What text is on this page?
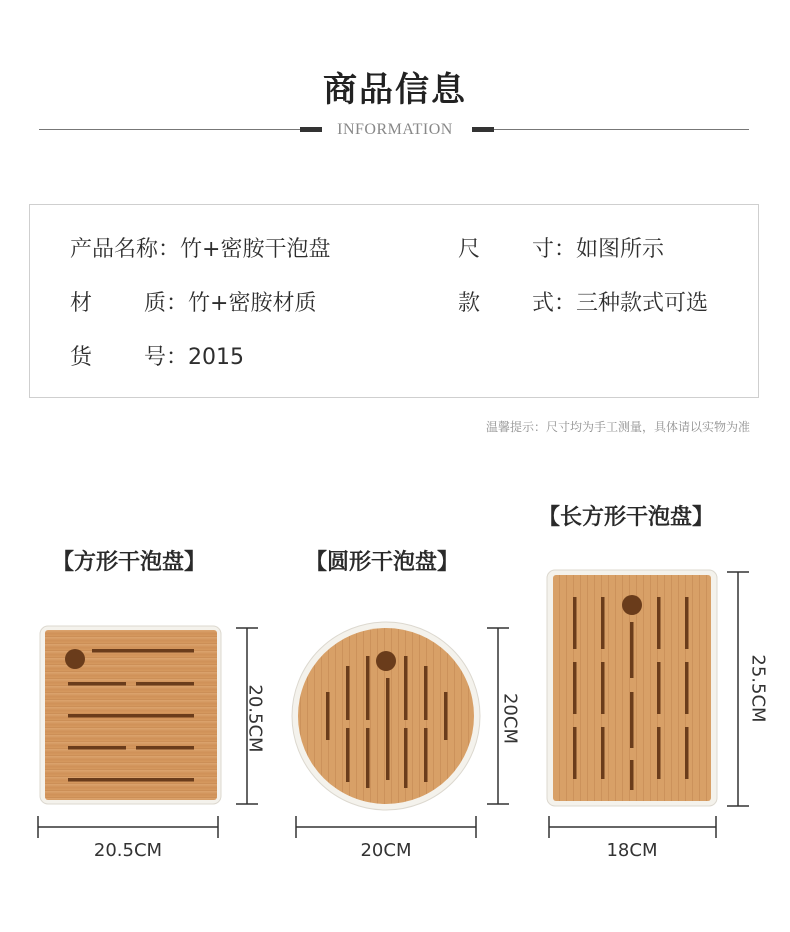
商品信息
INFORMATION
产品名称：竹+密胺干泡盘	尺 寸：如图所示
材 质：竹+密胺材质	款 式：三种款式可选
货 号：2015
温馨提示：尺寸均为手工测量，具体请以实物为准
【方形干泡盘】	【圆形干泡盘】
【长方形干泡盘】
20.5CM
20.5CM
20CM
20CM
18CM
25.5CM
